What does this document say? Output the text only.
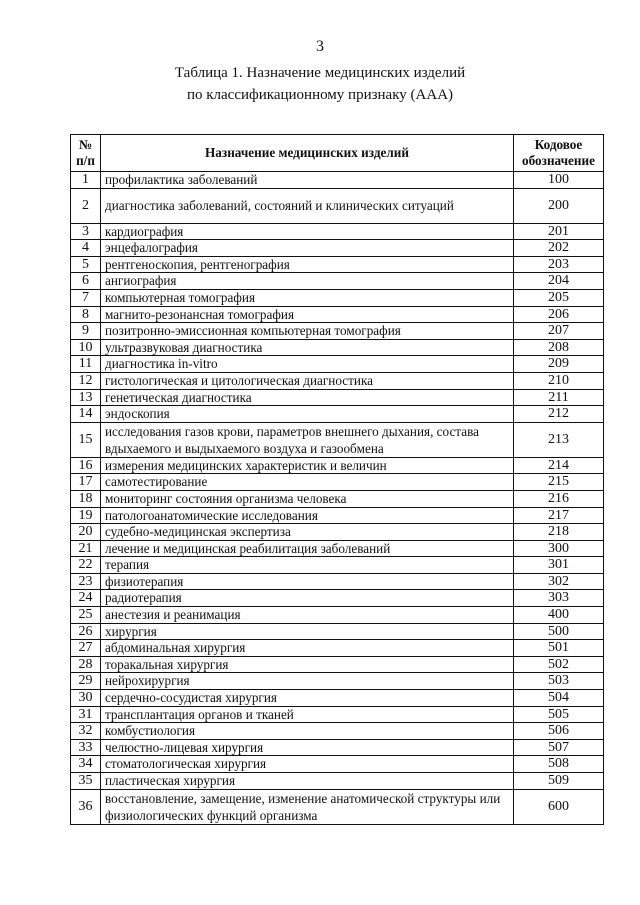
3
Таблица 1. Назначение медицинских изделий
по классификационному признаку (ААА)
№ п/п	Назначение медицинских изделий	Кодовое обозначение
1	профилактика заболеваний	100
2	диагностика заболеваний, состояний и клинических ситуаций	200
3	кардиография	201
4	энцефалография	202
5	рентгеноскопия, рентгенография	203
6	ангиография	204
7	компьютерная томография	205
8	магнито-резонансная томография	206
9	позитронно-эмиссионная компьютерная томография	207
10	ультразвуковая диагностика	208
11	диагностика in-vitro	209
12	гистологическая и цитологическая диагностика	210
13	генетическая диагностика	211
14	эндоскопия	212
15	исследования газов крови, параметров внешнего дыхания, состава вдыхаемого и выдыхаемого воздуха и газообмена	213
16	измерения медицинских характеристик и величин	214
17	самотестирование	215
18	мониторинг состояния организма человека	216
19	патологоанатомические исследования	217
20	судебно-медицинская экспертиза	218
21	лечение и медицинская реабилитация заболеваний	300
22	терапия	301
23	физиотерапия	302
24	радиотерапия	303
25	анестезия и реанимация	400
26	хирургия	500
27	абдоминальная хирургия	501
28	торакальная хирургия	502
29	нейрохирургия	503
30	сердечно-сосудистая хирургия	504
31	трансплантация органов и тканей	505
32	комбустиология	506
33	челюстно-лицевая хирургия	507
34	стоматологическая хирургия	508
35	пластическая хирургия	509
36	восстановление, замещение, изменение анатомической структуры или физиологических функций организма	600
